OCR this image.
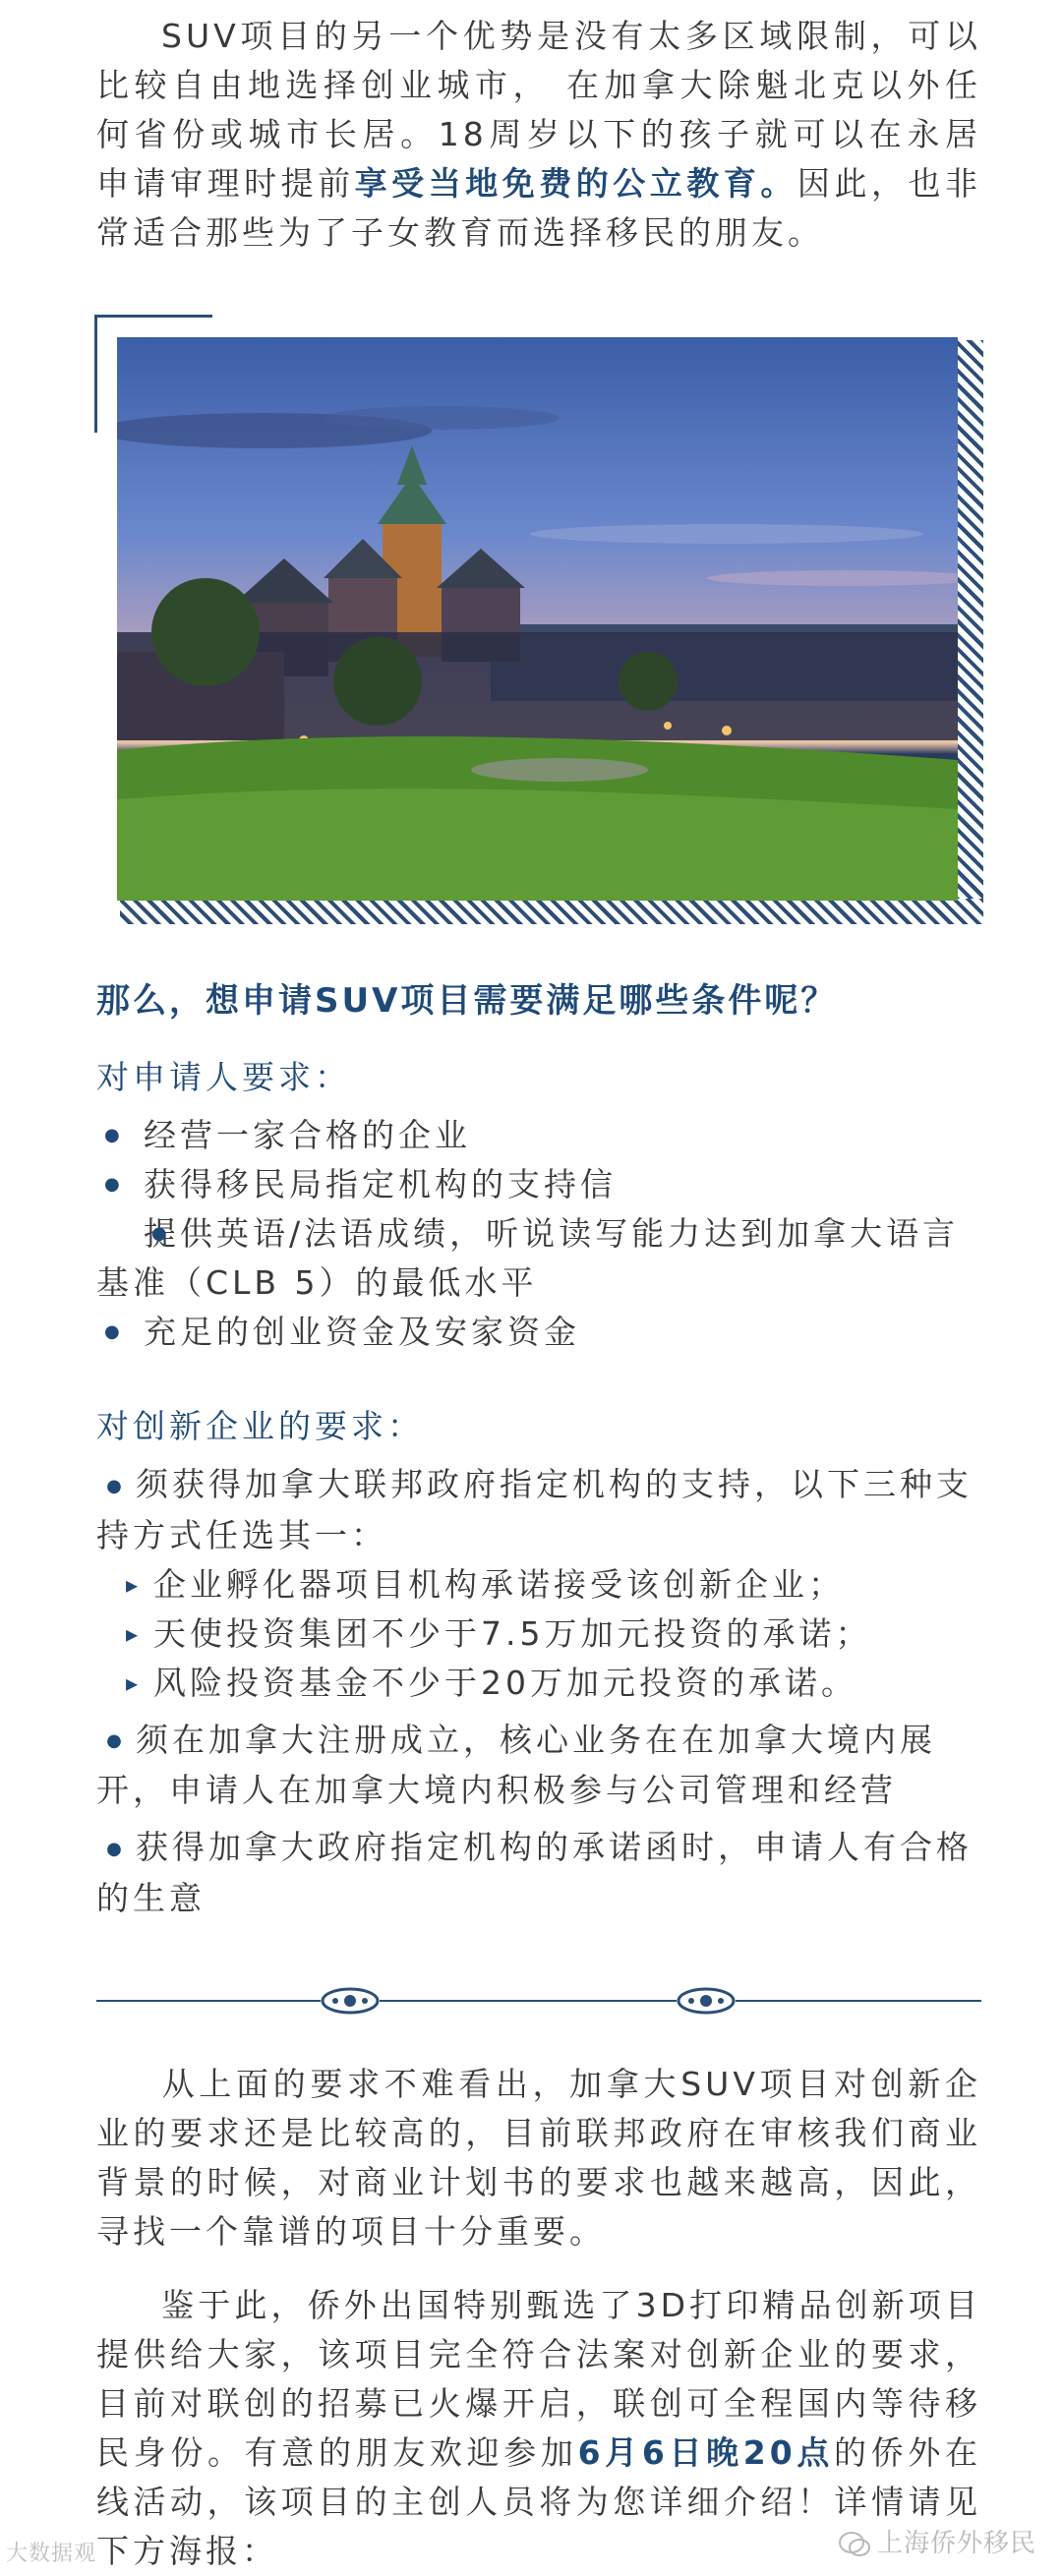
SUV项目的另一个优势是没有太多区域限制，可以比较自由地选择创业城市， 在加拿大除魁北克以外任何省份或城市长居。18周岁以下的孩子就可以在永居申请审理时提前享受当地免费的公立教育。因此，也非常适合那些为了子女教育而选择移民的朋友。

那么，想申请SUV项目需要满足哪些条件呢？

对申请人要求：

● 经营一家合格的企业
● 获得移民局指定机构的支持信
● 提供英语/法语成绩，听说读写能力达到加拿大语言基准（CLB 5）的最低水平
● 充足的创业资金及安家资金

对创新企业的要求：

● 须获得加拿大联邦政府指定机构的支持，以下三种支持方式任选其一：
▸ 企业孵化器项目机构承诺接受该创新企业；
▸ 天使投资集团不少于7.5万加元投资的承诺；
▸ 风险投资基金不少于20万加元投资的承诺。
● 须在加拿大注册成立，核心业务在在加拿大境内展开，申请人在加拿大境内积极参与公司管理和经营
● 获得加拿大政府指定机构的承诺函时，申请人有合格的生意

从上面的要求不难看出，加拿大SUV项目对创新企业的要求还是比较高的，目前联邦政府在审核我们商业背景的时候，对商业计划书的要求也越来越高，因此，寻找一个靠谱的项目十分重要。

鉴于此，侨外出国特别甄选了3D打印精品创新项目提供给大家，该项目完全符合法案对创新企业的要求，目前对联创的招募已火爆开启，联创可全程国内等待移民身份。有意的朋友欢迎参加6月6日晚20点的侨外在线活动，该项目的主创人员将为您详细介绍！详情请见下方海报：

大数据观	上海侨外移民
